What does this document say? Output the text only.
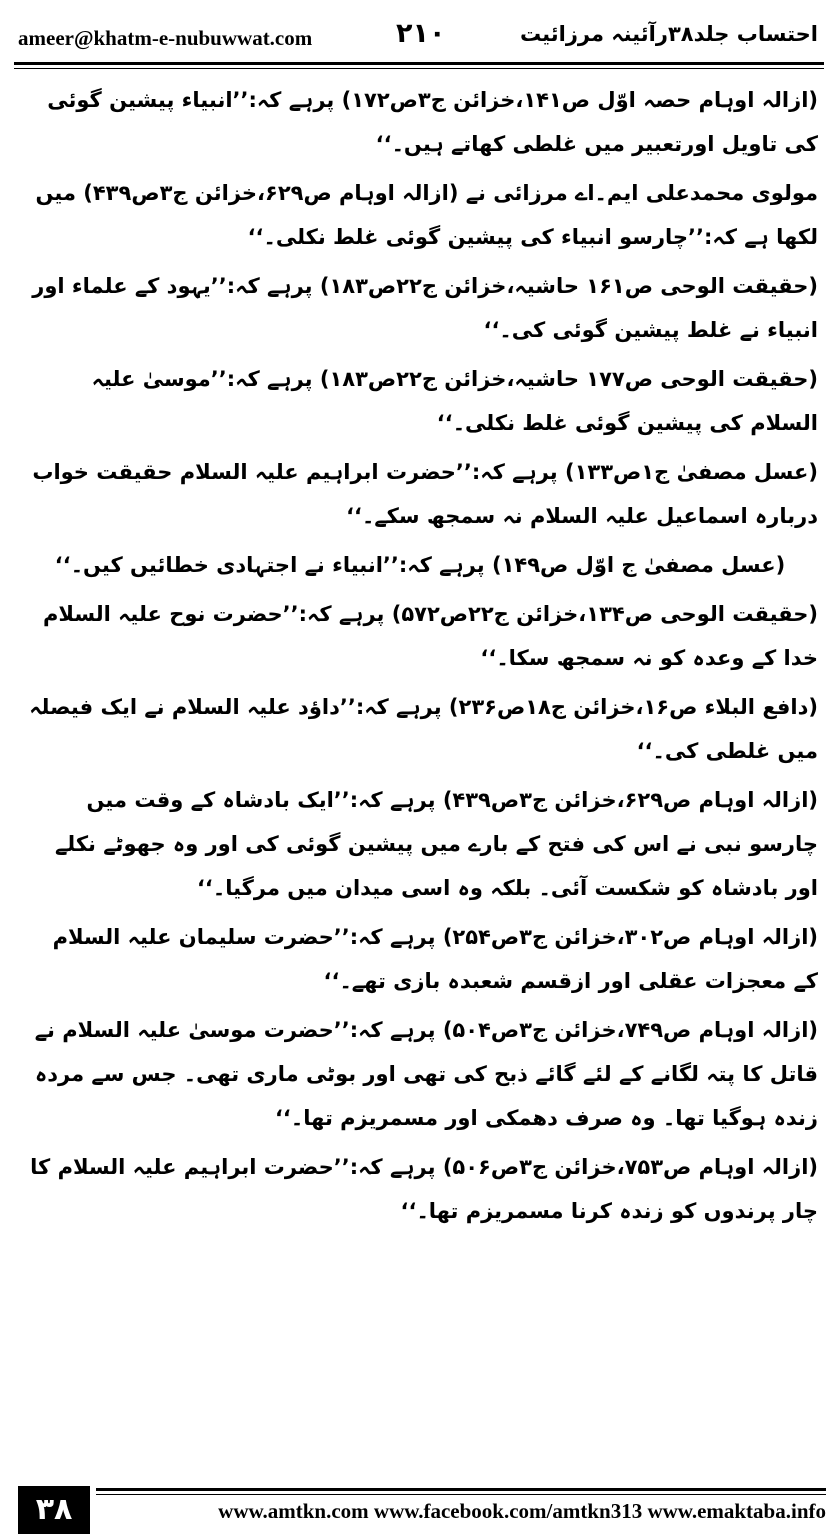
ameer@khatm-e-nubuwwat.com	۲۱۰	احتساب جلد۳۸رآئینہ مرزائیت

(ازالہ اوہام حصہ اوّل ص۱۴۱،خزائن ج۳ص۱۷۲) پرہے کہ:’’انبیاء پیشین گوئی کی تاویل اورتعبیر میں غلطی کھاتے ہیں۔‘‘

مولوی محمدعلی ایم۔اے مرزائی نے (ازالہ اوہام ص۶۲۹،خزائن ج۳ص۴۳۹) میں لکھا ہے کہ:’’چارسو انبیاء کی پیشین گوئی غلط نکلی۔‘‘

(حقیقت الوحی ص۱۶۱ حاشیہ،خزائن ج۲۲ص۱۸۳) پرہے کہ:’’یہود کے علماء اور انبیاء نے غلط پیشین گوئی کی۔‘‘

(حقیقت الوحی ص۱۷۷ حاشیہ،خزائن ج۲۲ص۱۸۳) پرہے کہ:’’موسیٰ علیہ السلام کی پیشین گوئی غلط نکلی۔‘‘

(عسل مصفیٰ ج۱ص۱۳۳) پرہے کہ:’’حضرت ابراہیم علیہ السلام حقیقت خواب دربارہ اسماعیل علیہ السلام نہ سمجھ سکے۔‘‘

(عسل مصفیٰ ج اوّل ص۱۴۹) پرہے کہ:’’انبیاء نے اجتہادی خطائیں کیں۔‘‘

(حقیقت الوحی ص۱۳۴،خزائن ج۲۲ص۵۷۲) پرہے کہ:’’حضرت نوح علیہ السلام خدا کے وعدہ کو نہ سمجھ سکا۔‘‘

(دافع البلاء ص۱۶،خزائن ج۱۸ص۲۳۶) پرہے کہ:’’داؤد علیہ السلام نے ایک فیصلہ میں غلطی کی۔‘‘

(ازالہ اوہام ص۶۲۹،خزائن ج۳ص۴۳۹) پرہے کہ:’’ایک بادشاہ کے وقت میں چارسو نبی نے اس کی فتح کے بارے میں پیشین گوئی کی اور وہ جھوٹے نکلے اور بادشاہ کو شکست آئی۔ بلکہ وہ اسی میدان میں مرگیا۔‘‘

(ازالہ اوہام ص۳۰۲،خزائن ج۳ص۲۵۴) پرہے کہ:’’حضرت سلیمان علیہ السلام کے معجزات عقلی اور ازقسم شعبدہ بازی تھے۔‘‘

(ازالہ اوہام ص۷۴۹،خزائن ج۳ص۵۰۴) پرہے کہ:’’حضرت موسیٰ علیہ السلام نے قاتل کا پتہ لگانے کے لئے گائے ذبح کی تھی اور بوٹی ماری تھی۔ جس سے مردہ زندہ ہوگیا تھا۔ وہ صرف دھمکی اور مسمریزم تھا۔‘‘

(ازالہ اوہام ص۷۵۳،خزائن ج۳ص۵۰۶) پرہے کہ:’’حضرت ابراہیم علیہ السلام کا چار پرندوں کو زندہ کرنا مسمریزم تھا۔‘‘

۳۸	www.amtkn.com www.facebook.com/amtkn313 www.emaktaba.info
